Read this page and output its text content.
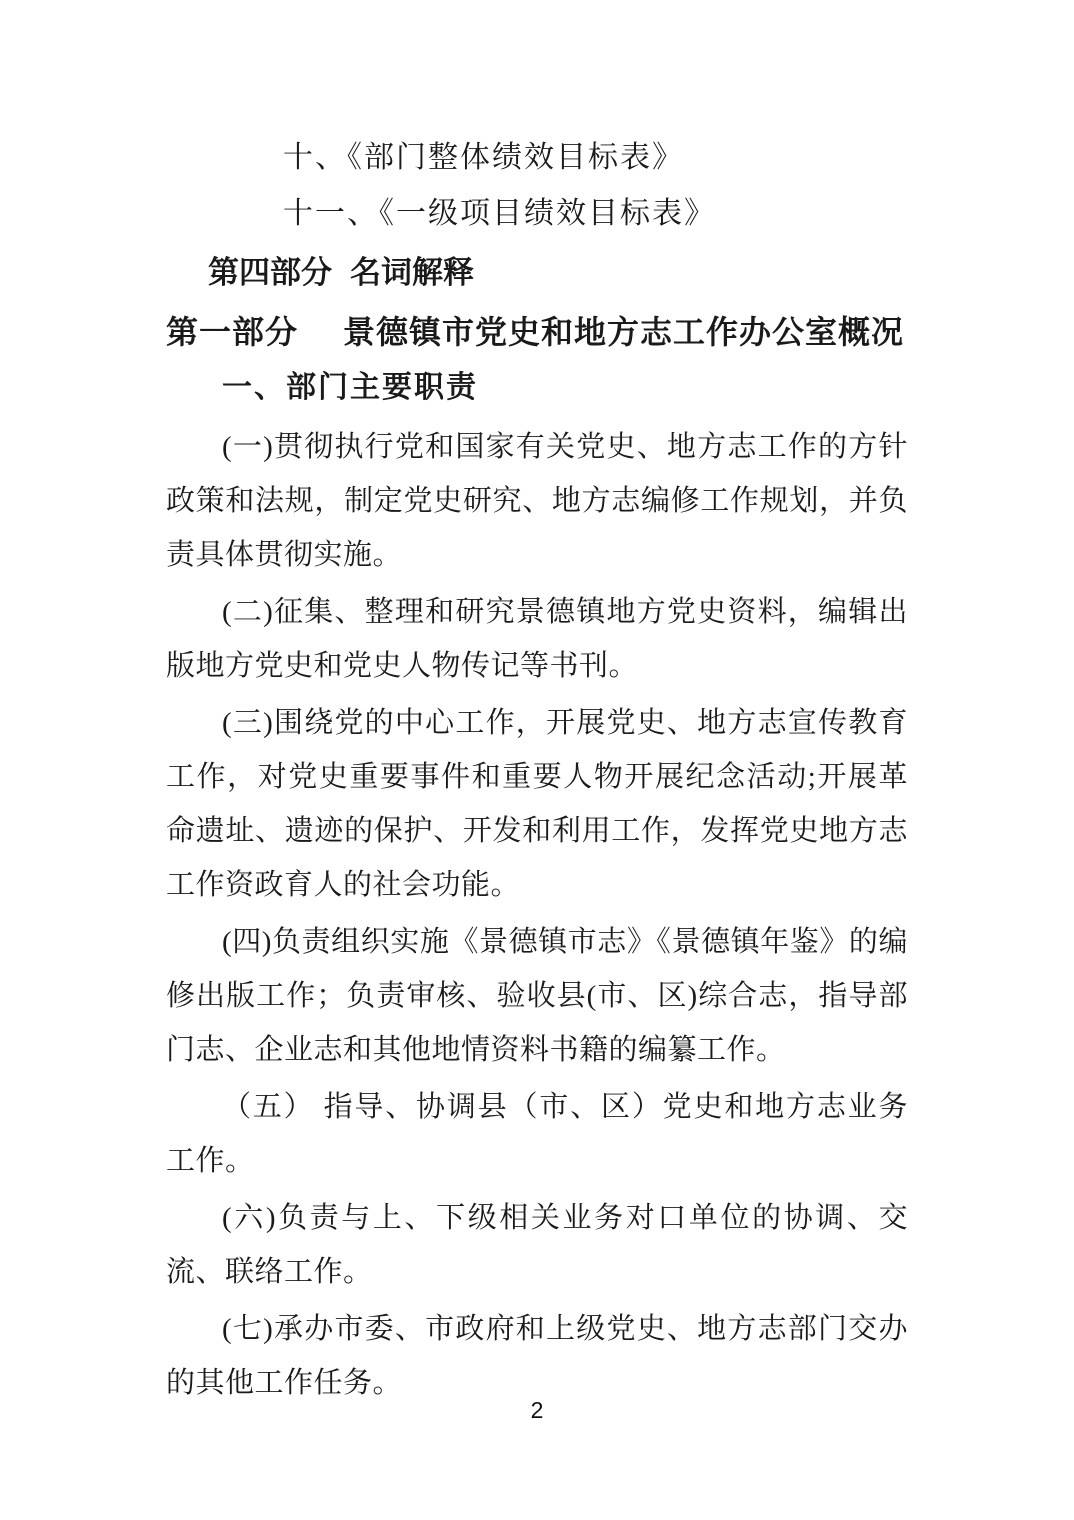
十、《部门整体绩效目标表》
十一、《一级项目绩效目标表》
第四部分 名词解释
第一部分 景德镇市党史和地方志工作办公室概况
一、部门主要职责

(一)贯彻执行党和国家有关党史、地方志工作的方针政策和法规，制定党史研究、地方志编修工作规划，并负责具体贯彻实施。

(二)征集、整理和研究景德镇地方党史资料，编辑出版地方党史和党史人物传记等书刊。

(三)围绕党的中心工作，开展党史、地方志宣传教育工作，对党史重要事件和重要人物开展纪念活动;开展革命遗址、遗迹的保护、开发和利用工作，发挥党史地方志工作资政育人的社会功能。

(四)负责组织实施《景德镇市志》《景德镇年鉴》的编修出版工作；负责审核、验收县(市、区)综合志，指导部门志、企业志和其他地情资料书籍的编纂工作。

（五） 指导、协调县（市、区）党史和地方志业务工作。

(六)负责与上、下级相关业务对口单位的协调、交流、联络工作。

(七)承办市委、市政府和上级党史、地方志部门交办的其他工作任务。

2
